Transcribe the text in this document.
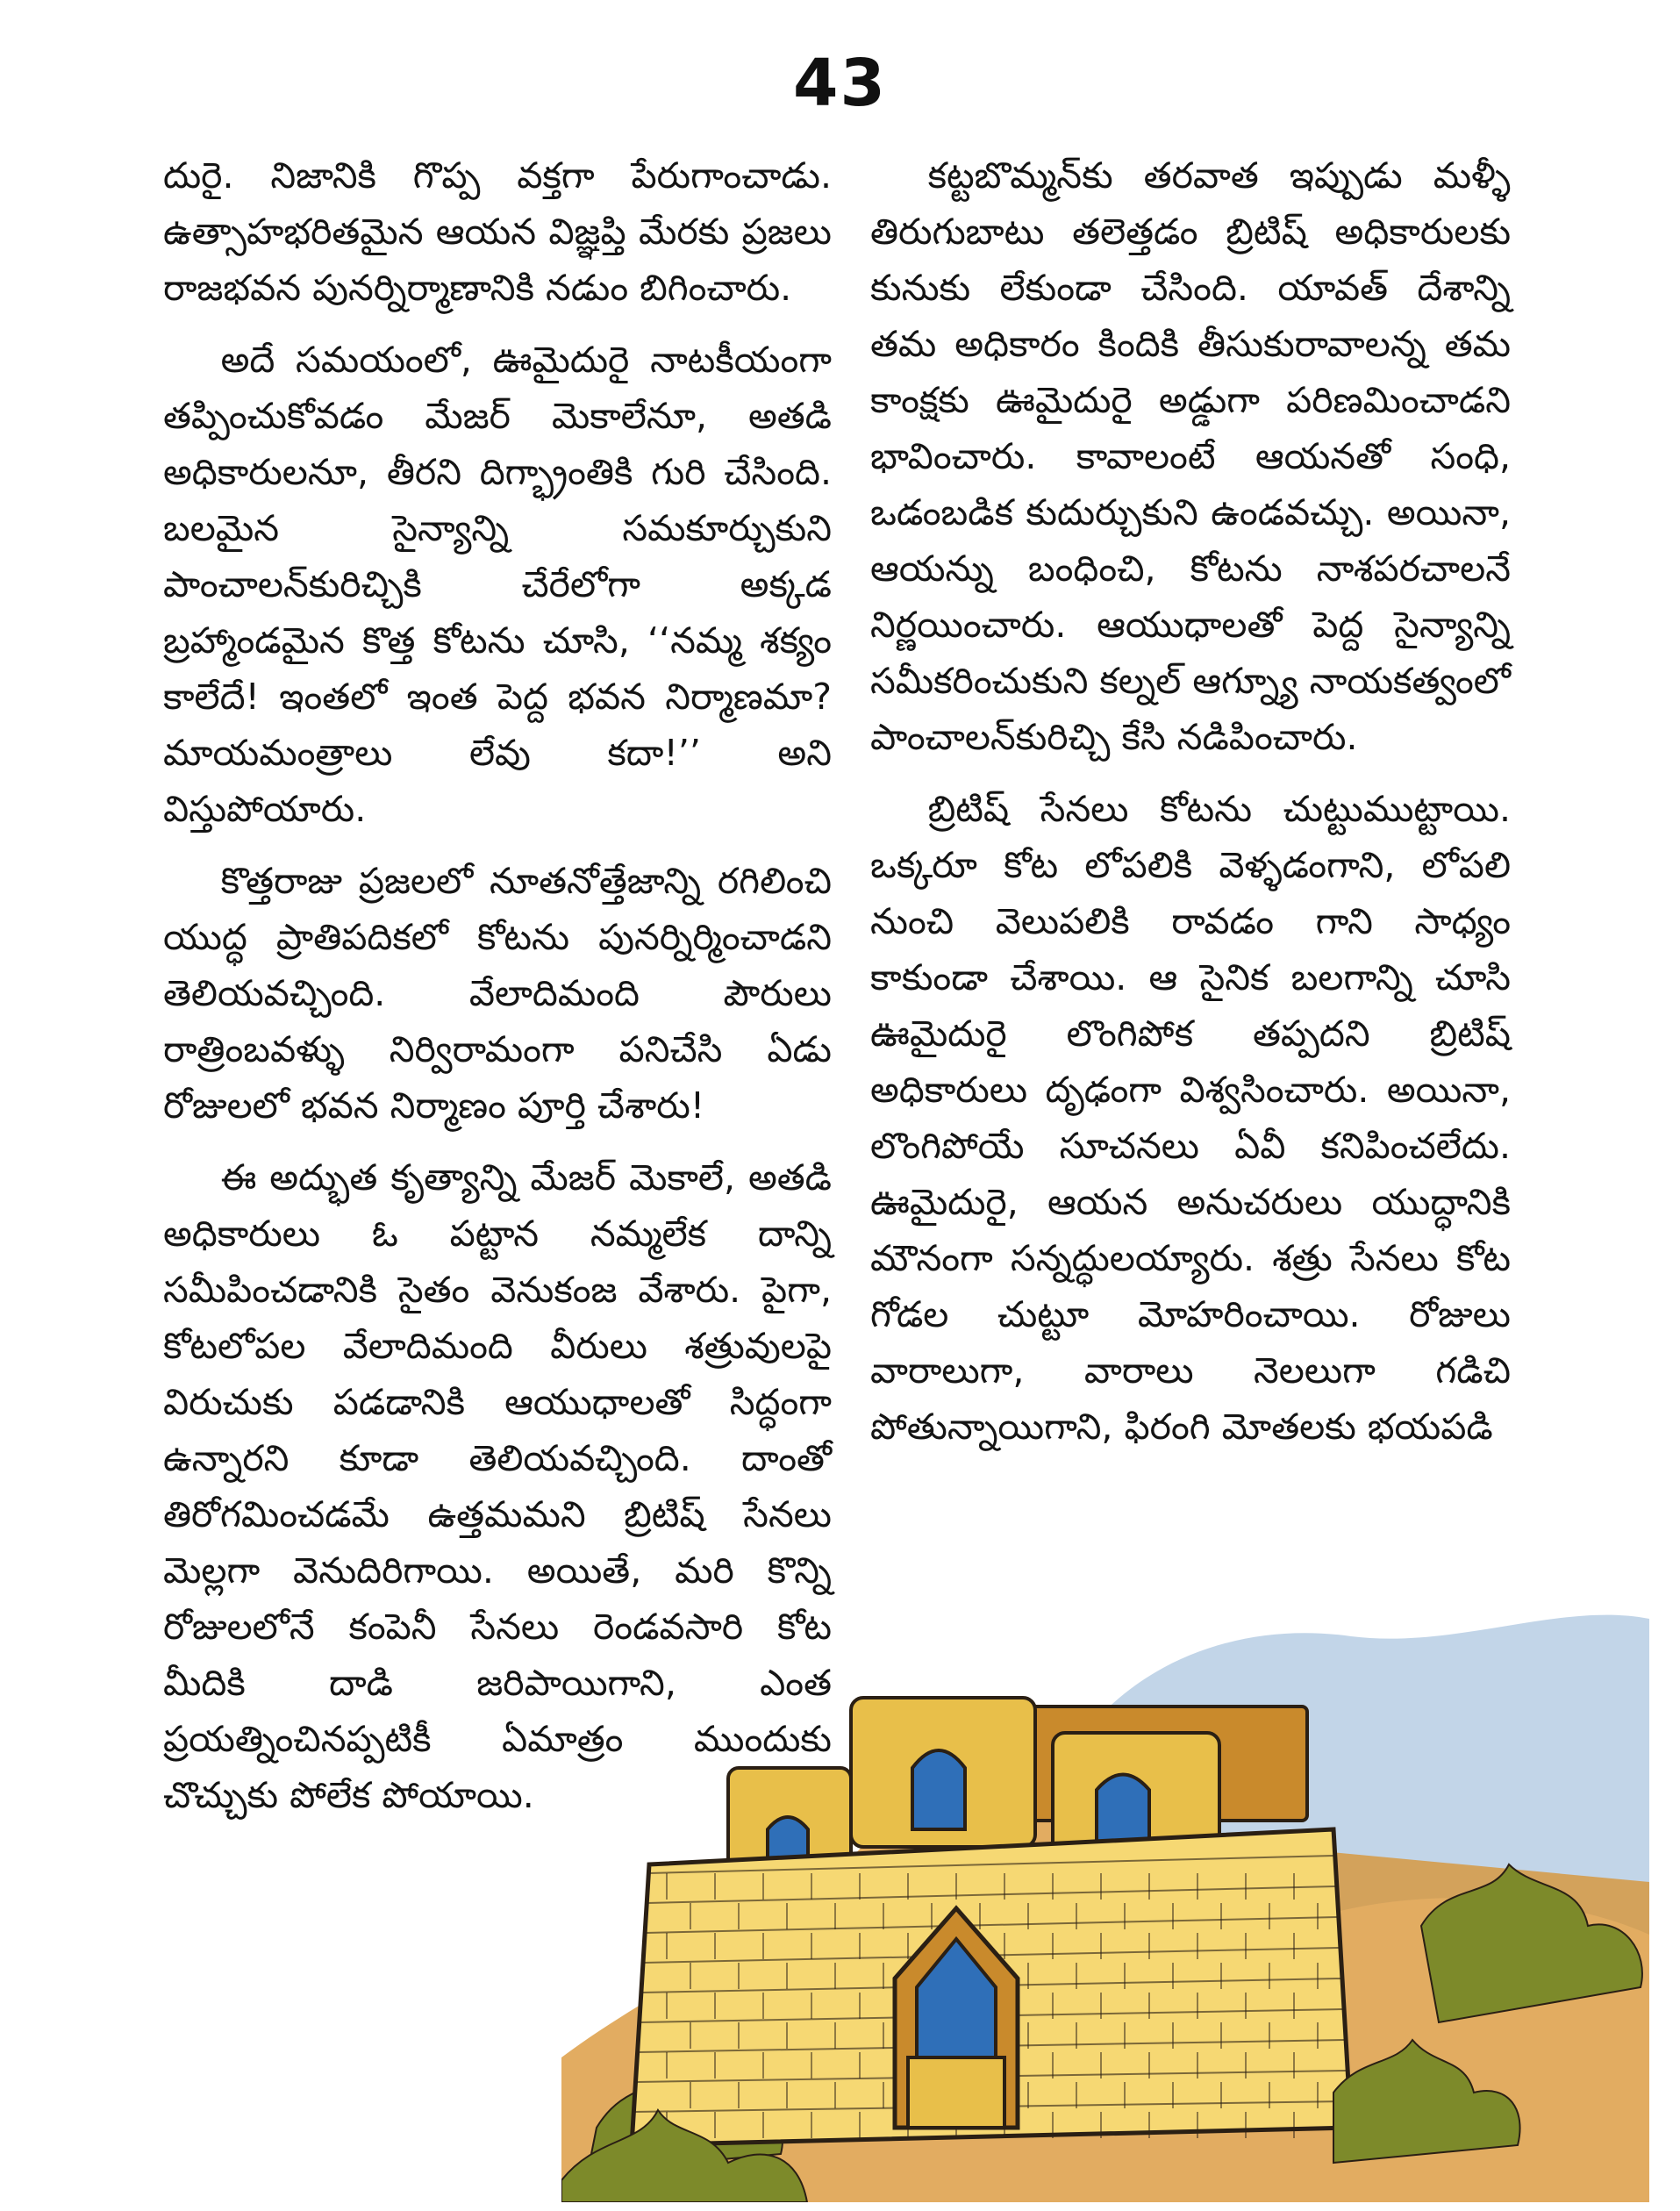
43

దురై. నిజానికి గొప్ప వక్తగా పేరుగాంచాడు. ఉత్సాహభరితమైన ఆయన విజ్ఞప్తి మేరకు ప్రజలు రాజభవన పునర్నిర్మాణానికి నడుం బిగించారు.

అదే సమయంలో, ఊమైదురై నాటకీయంగా తప్పించుకోవడం మేజర్ మెకాలేనూ, అతడి అధికారులనూ, తీరని దిగ్భ్రాంతికి గురి చేసింది. బలమైన సైన్యాన్ని సమకూర్చుకుని పాంచాలన్‌కురిచ్చికి చేరేలోగా అక్కడ బ్రహ్మాండమైన కొత్త కోటను చూసి, ‘‘నమ్మ శక్యం కాలేదే! ఇంతలో ఇంత పెద్ద భవన నిర్మాణమా? మాయమంత్రాలు లేవు కదా!’’ అని విస్తుపోయారు.

కొత్తరాజు ప్రజలలో నూతనోత్తేజాన్ని రగిలించి యుద్ధ ప్రాతిపదికలో కోటను పునర్నిర్మించాడని తెలియవచ్చింది. వేలాదిమంది పౌరులు రాత్రింబవళ్ళు నిర్విరామంగా పనిచేసి ఏడు రోజులలో భవన నిర్మాణం పూర్తి చేశారు!

ఈ అద్భుత కృత్యాన్ని మేజర్ మెకాలే, అతడి అధికారులు ఓ పట్టాన నమ్మలేక దాన్ని సమీపించడానికి సైతం వెనుకంజ వేశారు. పైగా, కోటలోపల వేలాదిమంది వీరులు శత్రువులపై విరుచుకు పడడానికి ఆయుధాలతో సిద్ధంగా ఉన్నారని కూడా తెలియవచ్చింది. దాంతో తిరోగమించడమే ఉత్తమమని బ్రిటిష్ సేనలు మెల్లగా వెనుదిరిగాయి. అయితే, మరి కొన్ని రోజులలోనే కంపెనీ సేనలు రెండవసారి కోట మీదికి దాడి జరిపాయిగాని, ఎంత ప్రయత్నించినప్పటికీ ఏమాత్రం ముందుకు చొచ్చుకు పోలేక పోయాయి.

కట్టబొమ్మన్‌కు తరవాత ఇప్పుడు మళ్ళీ తిరుగుబాటు తలెత్తడం బ్రిటిష్ అధికారులకు కునుకు లేకుండా చేసింది. యావత్ దేశాన్ని తమ అధికారం కిందికి తీసుకురావాలన్న తమ కాంక్షకు ఊమైదురై అడ్డుగా పరిణమించాడని భావించారు. కావాలంటే ఆయనతో సంధి, ఒడంబడిక కుదుర్చుకుని ఉండవచ్చు. అయినా, ఆయన్ను బంధించి, కోటను నాశపరచాలనే నిర్ణయించారు. ఆయుధాలతో పెద్ద సైన్యాన్ని సమీకరించుకుని కల్నల్ ఆగ్న్యూ నాయకత్వంలో పాంచాలన్‌కురిచ్చి కేసి నడిపించారు.

బ్రిటిష్ సేనలు కోటను చుట్టుముట్టాయి. ఒక్కరూ కోట లోపలికి వెళ్ళడంగాని, లోపలి నుంచి వెలుపలికి రావడం గాని సాధ్యం కాకుండా చేశాయి. ఆ సైనిక బలగాన్ని చూసి ఊమైదురై లొంగిపోక తప్పదని బ్రిటిష్ అధికారులు దృఢంగా విశ్వసించారు. అయినా, లొంగిపోయే సూచనలు ఏవీ కనిపించలేదు. ఊమైదురై, ఆయన అనుచరులు యుద్ధానికి మౌనంగా సన్నద్ధులయ్యారు. శత్రు సేనలు కోట గోడల చుట్టూ మోహరించాయి. రోజులు వారాలుగా, వారాలు నెలలుగా గడిచి పోతున్నాయిగాని, ఫిరంగి మోతలకు భయపడి
